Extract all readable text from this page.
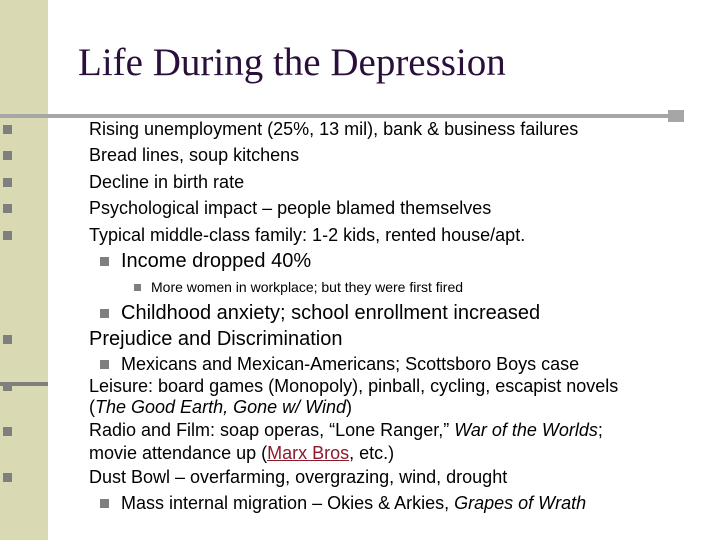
Life During the Depression
Rising unemployment (25%, 13 mil), bank & business failures
Bread lines, soup kitchens
Decline in birth rate
Psychological impact – people blamed themselves
Typical middle-class family: 1-2 kids, rented house/apt.
Income dropped 40%
More women in workplace; but they were first fired
Childhood anxiety; school enrollment increased
Prejudice and Discrimination
Mexicans and Mexican-Americans; Scottsboro Boys case
Leisure: board games (Monopoly), pinball, cycling, escapist novels
(The Good Earth, Gone w/ Wind)
Radio and Film: soap operas, “Lone Ranger,” War of the Worlds;
movie attendance up (Marx Bros, etc.)
Dust Bowl – overfarming, overgrazing, wind, drought
Mass internal migration – Okies & Arkies, Grapes of Wrath
